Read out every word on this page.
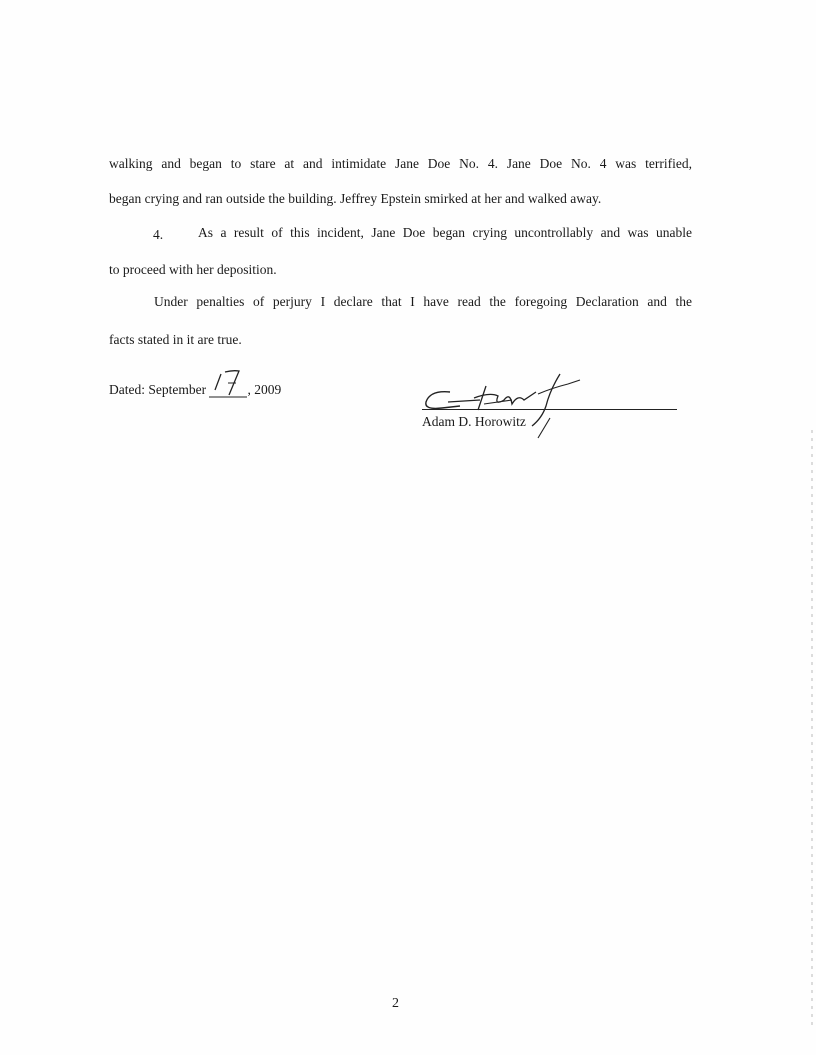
walking and began to stare at and intimidate Jane Doe No. 4. Jane Doe No. 4 was terrified,
began crying and ran outside the building. Jeffrey Epstein smirked at her and walked away.
4.	As a result of this incident, Jane Doe began crying uncontrollably and was unable
to proceed with her deposition.
Under penalties of perjury I declare that I have read the foregoing Declaration and the
facts stated in it are true.
Dated: September	, 2009
Adam D. Horowitz
2
